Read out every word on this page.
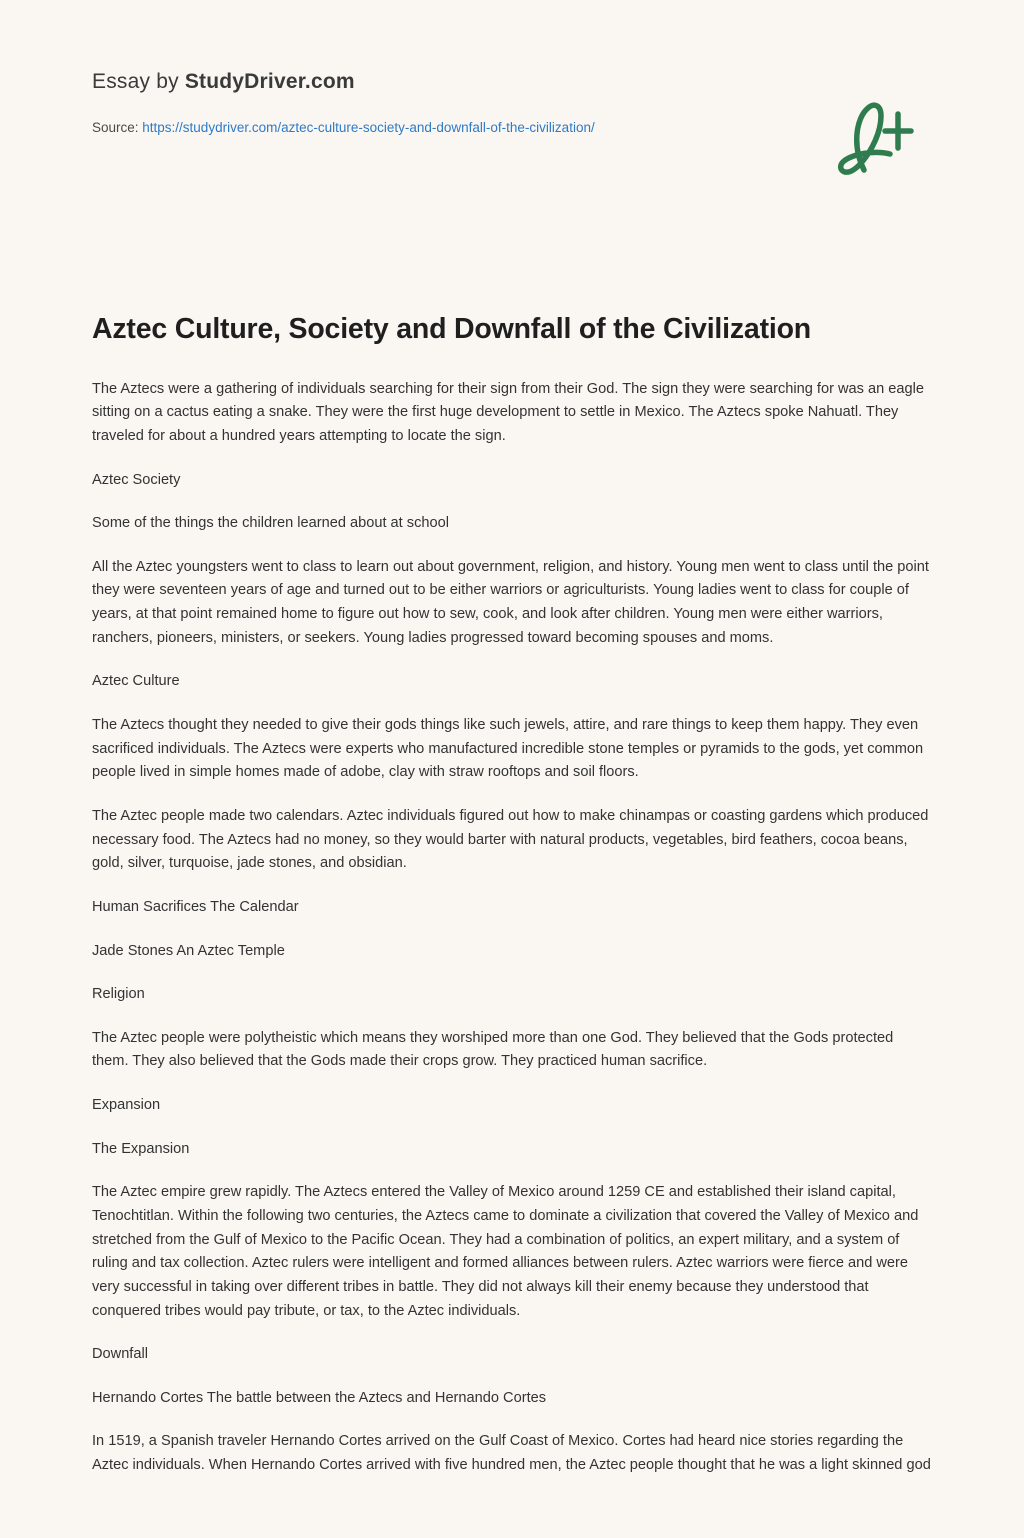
Essay by StudyDriver.com
Source: https://studydriver.com/aztec-culture-society-and-downfall-of-the-civilization/
Aztec Culture, Society and Downfall of the Civilization

The Aztecs were a gathering of individuals searching for their sign from their God. The sign they were searching for was an eagle sitting on a cactus eating a snake. They were the first huge development to settle in Mexico. The Aztecs spoke Nahuatl. They traveled for about a hundred years attempting to locate the sign.

Aztec Society

Some of the things the children learned about at school

All the Aztec youngsters went to class to learn out about government, religion, and history. Young men went to class until the point they were seventeen years of age and turned out to be either warriors or agriculturists. Young ladies went to class for couple of years, at that point remained home to figure out how to sew, cook, and look after children. Young men were either warriors, ranchers, pioneers, ministers, or seekers. Young ladies progressed toward becoming spouses and moms.

Aztec Culture

The Aztecs thought they needed to give their gods things like such jewels, attire, and rare things to keep them happy. They even sacrificed individuals. The Aztecs were experts who manufactured incredible stone temples or pyramids to the gods, yet common people lived in simple homes made of adobe, clay with straw rooftops and soil floors.

The Aztec people made two calendars. Aztec individuals figured out how to make chinampas or coasting gardens which produced necessary food. The Aztecs had no money, so they would barter with natural products, vegetables, bird feathers, cocoa beans, gold, silver, turquoise, jade stones, and obsidian.

Human Sacrifices The Calendar

Jade Stones An Aztec Temple

Religion

The Aztec people were polytheistic which means they worshiped more than one God. They believed that the Gods protected them. They also believed that the Gods made their crops grow. They practiced human sacrifice.

Expansion

The Expansion

The Aztec empire grew rapidly. The Aztecs entered the Valley of Mexico around 1259 CE and established their island capital, Tenochtitlan. Within the following two centuries, the Aztecs came to dominate a civilization that covered the Valley of Mexico and stretched from the Gulf of Mexico to the Pacific Ocean. They had a combination of politics, an expert military, and a system of ruling and tax collection. Aztec rulers were intelligent and formed alliances between rulers. Aztec warriors were fierce and were very successful in taking over different tribes in battle. They did not always kill their enemy because they understood that conquered tribes would pay tribute, or tax, to the Aztec individuals.

Downfall

Hernando Cortes The battle between the Aztecs and Hernando Cortes

In 1519, a Spanish traveler Hernando Cortes arrived on the Gulf Coast of Mexico. Cortes had heard nice stories regarding the Aztec individuals. When Hernando Cortes arrived with five hundred men, the Aztec people thought that he was a light skinned god
